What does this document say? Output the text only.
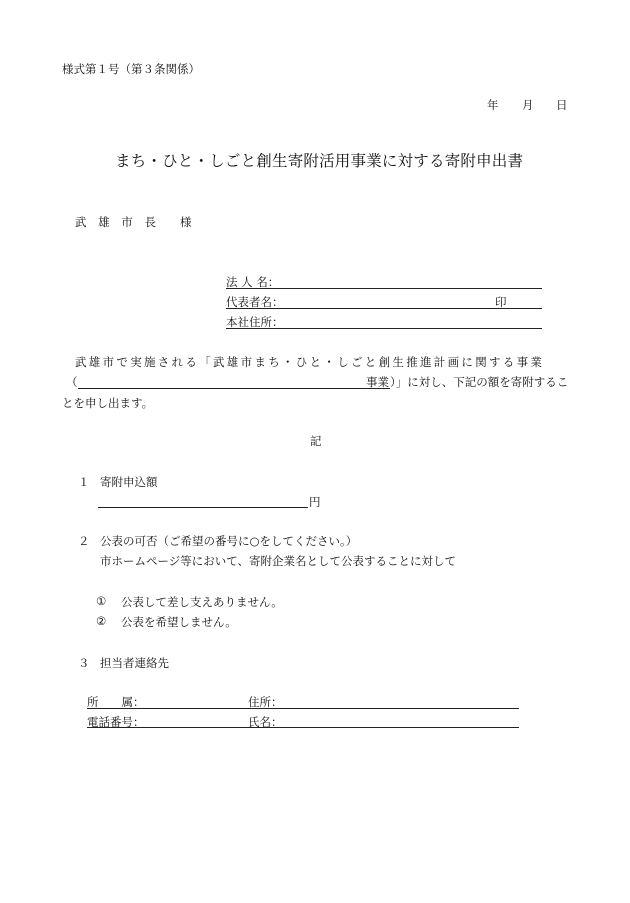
様式第１号（第３条関係）
年 月 日
まち・ひと・しごと創生寄附活用事業に対する寄附申出書
武 雄 市 長 様
法 人 名：
代表者名：	印
本社住所：
武雄市で実施される「武雄市まち・ひと・しごと創生推進計画に関する事業
（	事業 ）」に対し、下記の額を寄附するこ
とを申し出ます。
記
１ 寄附申込額
円
２ 公表の可否（ご希望の番号に○をしてください。）
市ホームページ等において、寄附企業名として公表することに対して
① 公表して差し支えありません。
② 公表を希望しません。
３ 担当者連絡先
所　　属：	住所：
電話番号：	氏名：
